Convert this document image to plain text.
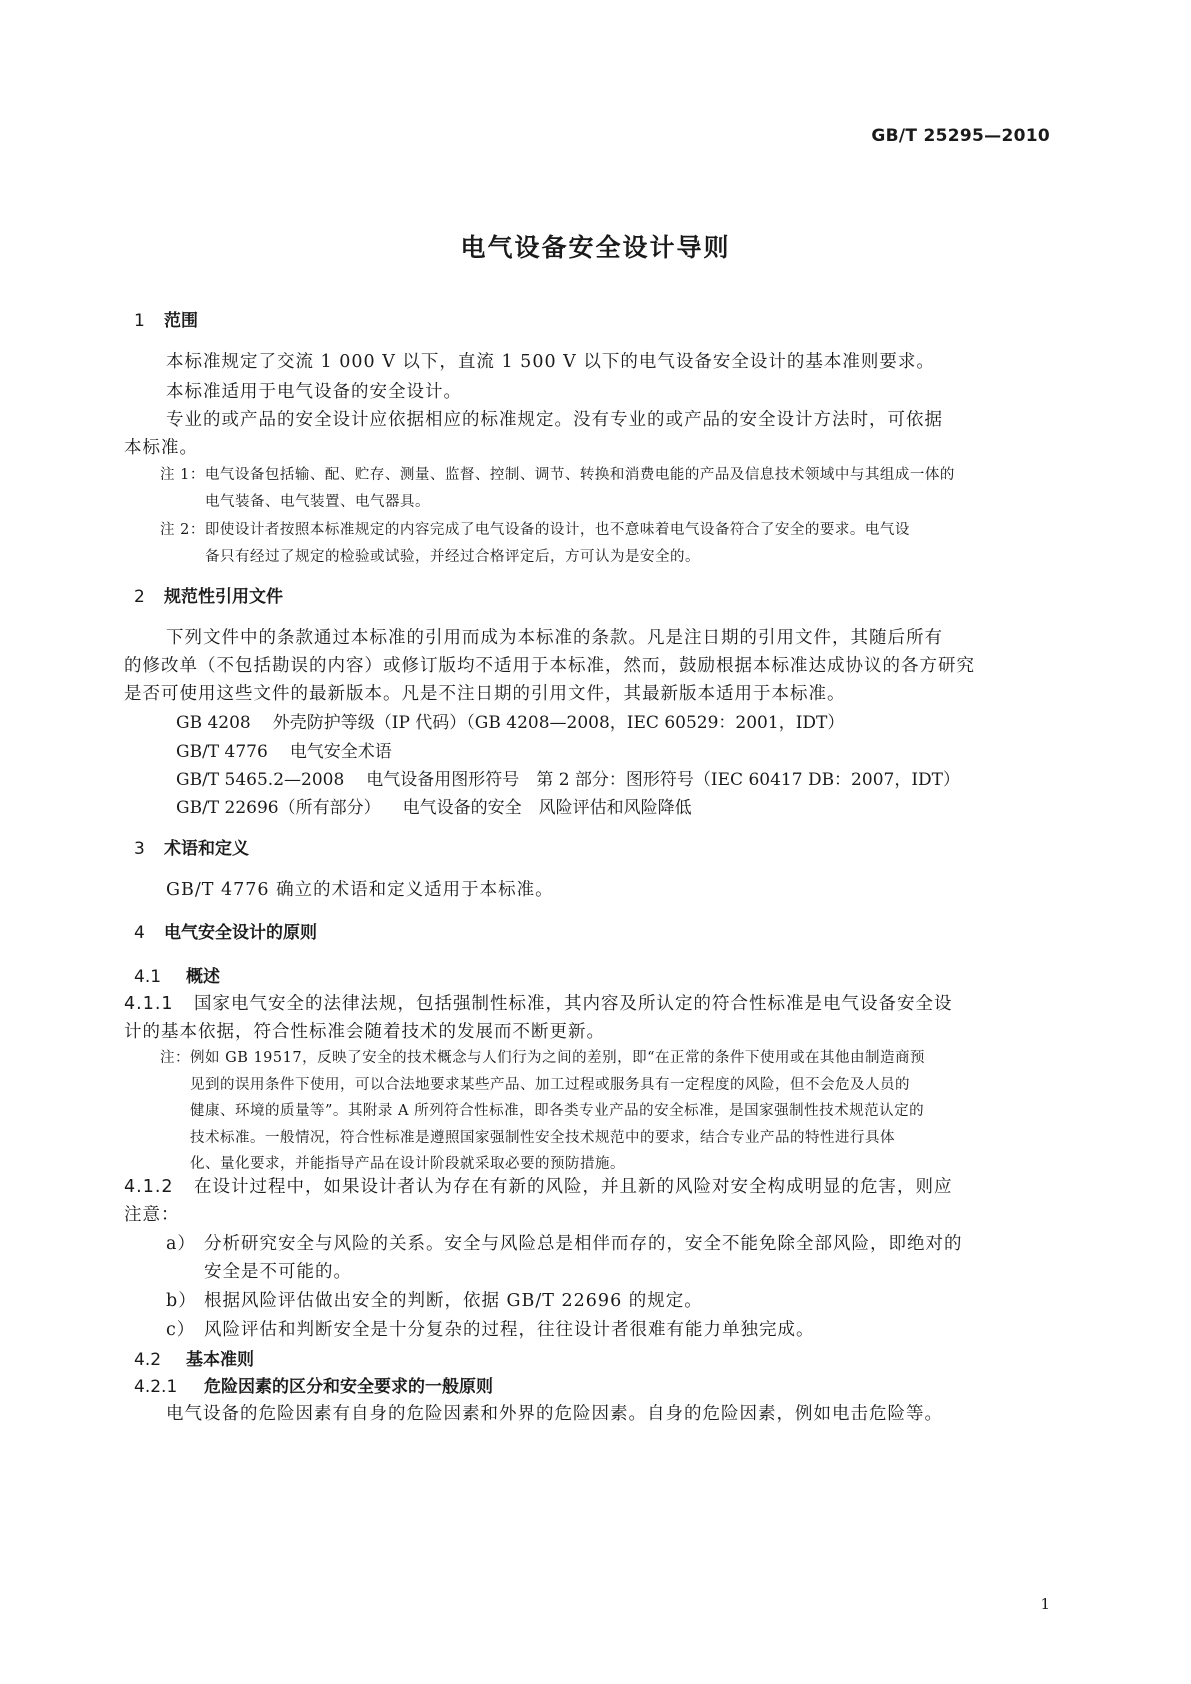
GB/T 25295—2010
电气设备安全设计导则
1 范围
本标准规定了交流 1 000 V 以下，直流 1 500 V 以下的电气设备安全设计的基本准则要求。
本标准适用于电气设备的安全设计。
专业的或产品的安全设计应依据相应的标准规定。没有专业的或产品的安全设计方法时，可依据
本标准。
注 1：电气设备包括输、配、贮存、测量、监督、控制、调节、转换和消费电能的产品及信息技术领域中与其组成一体的
电气装备、电气装置、电气器具。
注 2：即使设计者按照本标准规定的内容完成了电气设备的设计，也不意味着电气设备符合了安全的要求。电气设
备只有经过了规定的检验或试验，并经过合格评定后，方可认为是安全的。
2 规范性引用文件
下列文件中的条款通过本标准的引用而成为本标准的条款。凡是注日期的引用文件，其随后所有
的修改单（不包括勘误的内容）或修订版均不适用于本标准，然而，鼓励根据本标准达成协议的各方研究
是否可使用这些文件的最新版本。凡是不注日期的引用文件，其最新版本适用于本标准。
GB 4208 外壳防护等级（IP 代码）（GB 4208—2008，IEC 60529：2001，IDT）
GB/T 4776 电气安全术语
GB/T 5465.2—2008 电气设备用图形符号　第 2 部分：图形符号（IEC 60417 DB：2007，IDT）
GB/T 22696（所有部分） 电气设备的安全　风险评估和风险降低
3 术语和定义
GB/T 4776 确立的术语和定义适用于本标准。
4 电气安全设计的原则
4.1 概述
4.1.1 国家电气安全的法律法规，包括强制性标准，其内容及所认定的符合性标准是电气设备安全设
计的基本依据，符合性标准会随着技术的发展而不断更新。
注：例如 GB 19517，反映了安全的技术概念与人们行为之间的差别，即“在正常的条件下使用或在其他由制造商预
见到的误用条件下使用，可以合法地要求某些产品、加工过程或服务具有一定程度的风险，但不会危及人员的
健康、环境的质量等”。其附录 A 所列符合性标准，即各类专业产品的安全标准，是国家强制性技术规范认定的
技术标准。一般情况，符合性标准是遵照国家强制性安全技术规范中的要求，结合专业产品的特性进行具体
化、量化要求，并能指导产品在设计阶段就采取必要的预防措施。
4.1.2 在设计过程中，如果设计者认为存在有新的风险，并且新的风险对安全构成明显的危害，则应
注意：
a） 分析研究安全与风险的关系。安全与风险总是相伴而存的，安全不能免除全部风险，即绝对的
安全是不可能的。
b） 根据风险评估做出安全的判断，依据 GB/T 22696 的规定。
c） 风险评估和判断安全是十分复杂的过程，往往设计者很难有能力单独完成。
4.2 基本准则
4.2.1 危险因素的区分和安全要求的一般原则
电气设备的危险因素有自身的危险因素和外界的危险因素。自身的危险因素，例如电击危险等。
1
